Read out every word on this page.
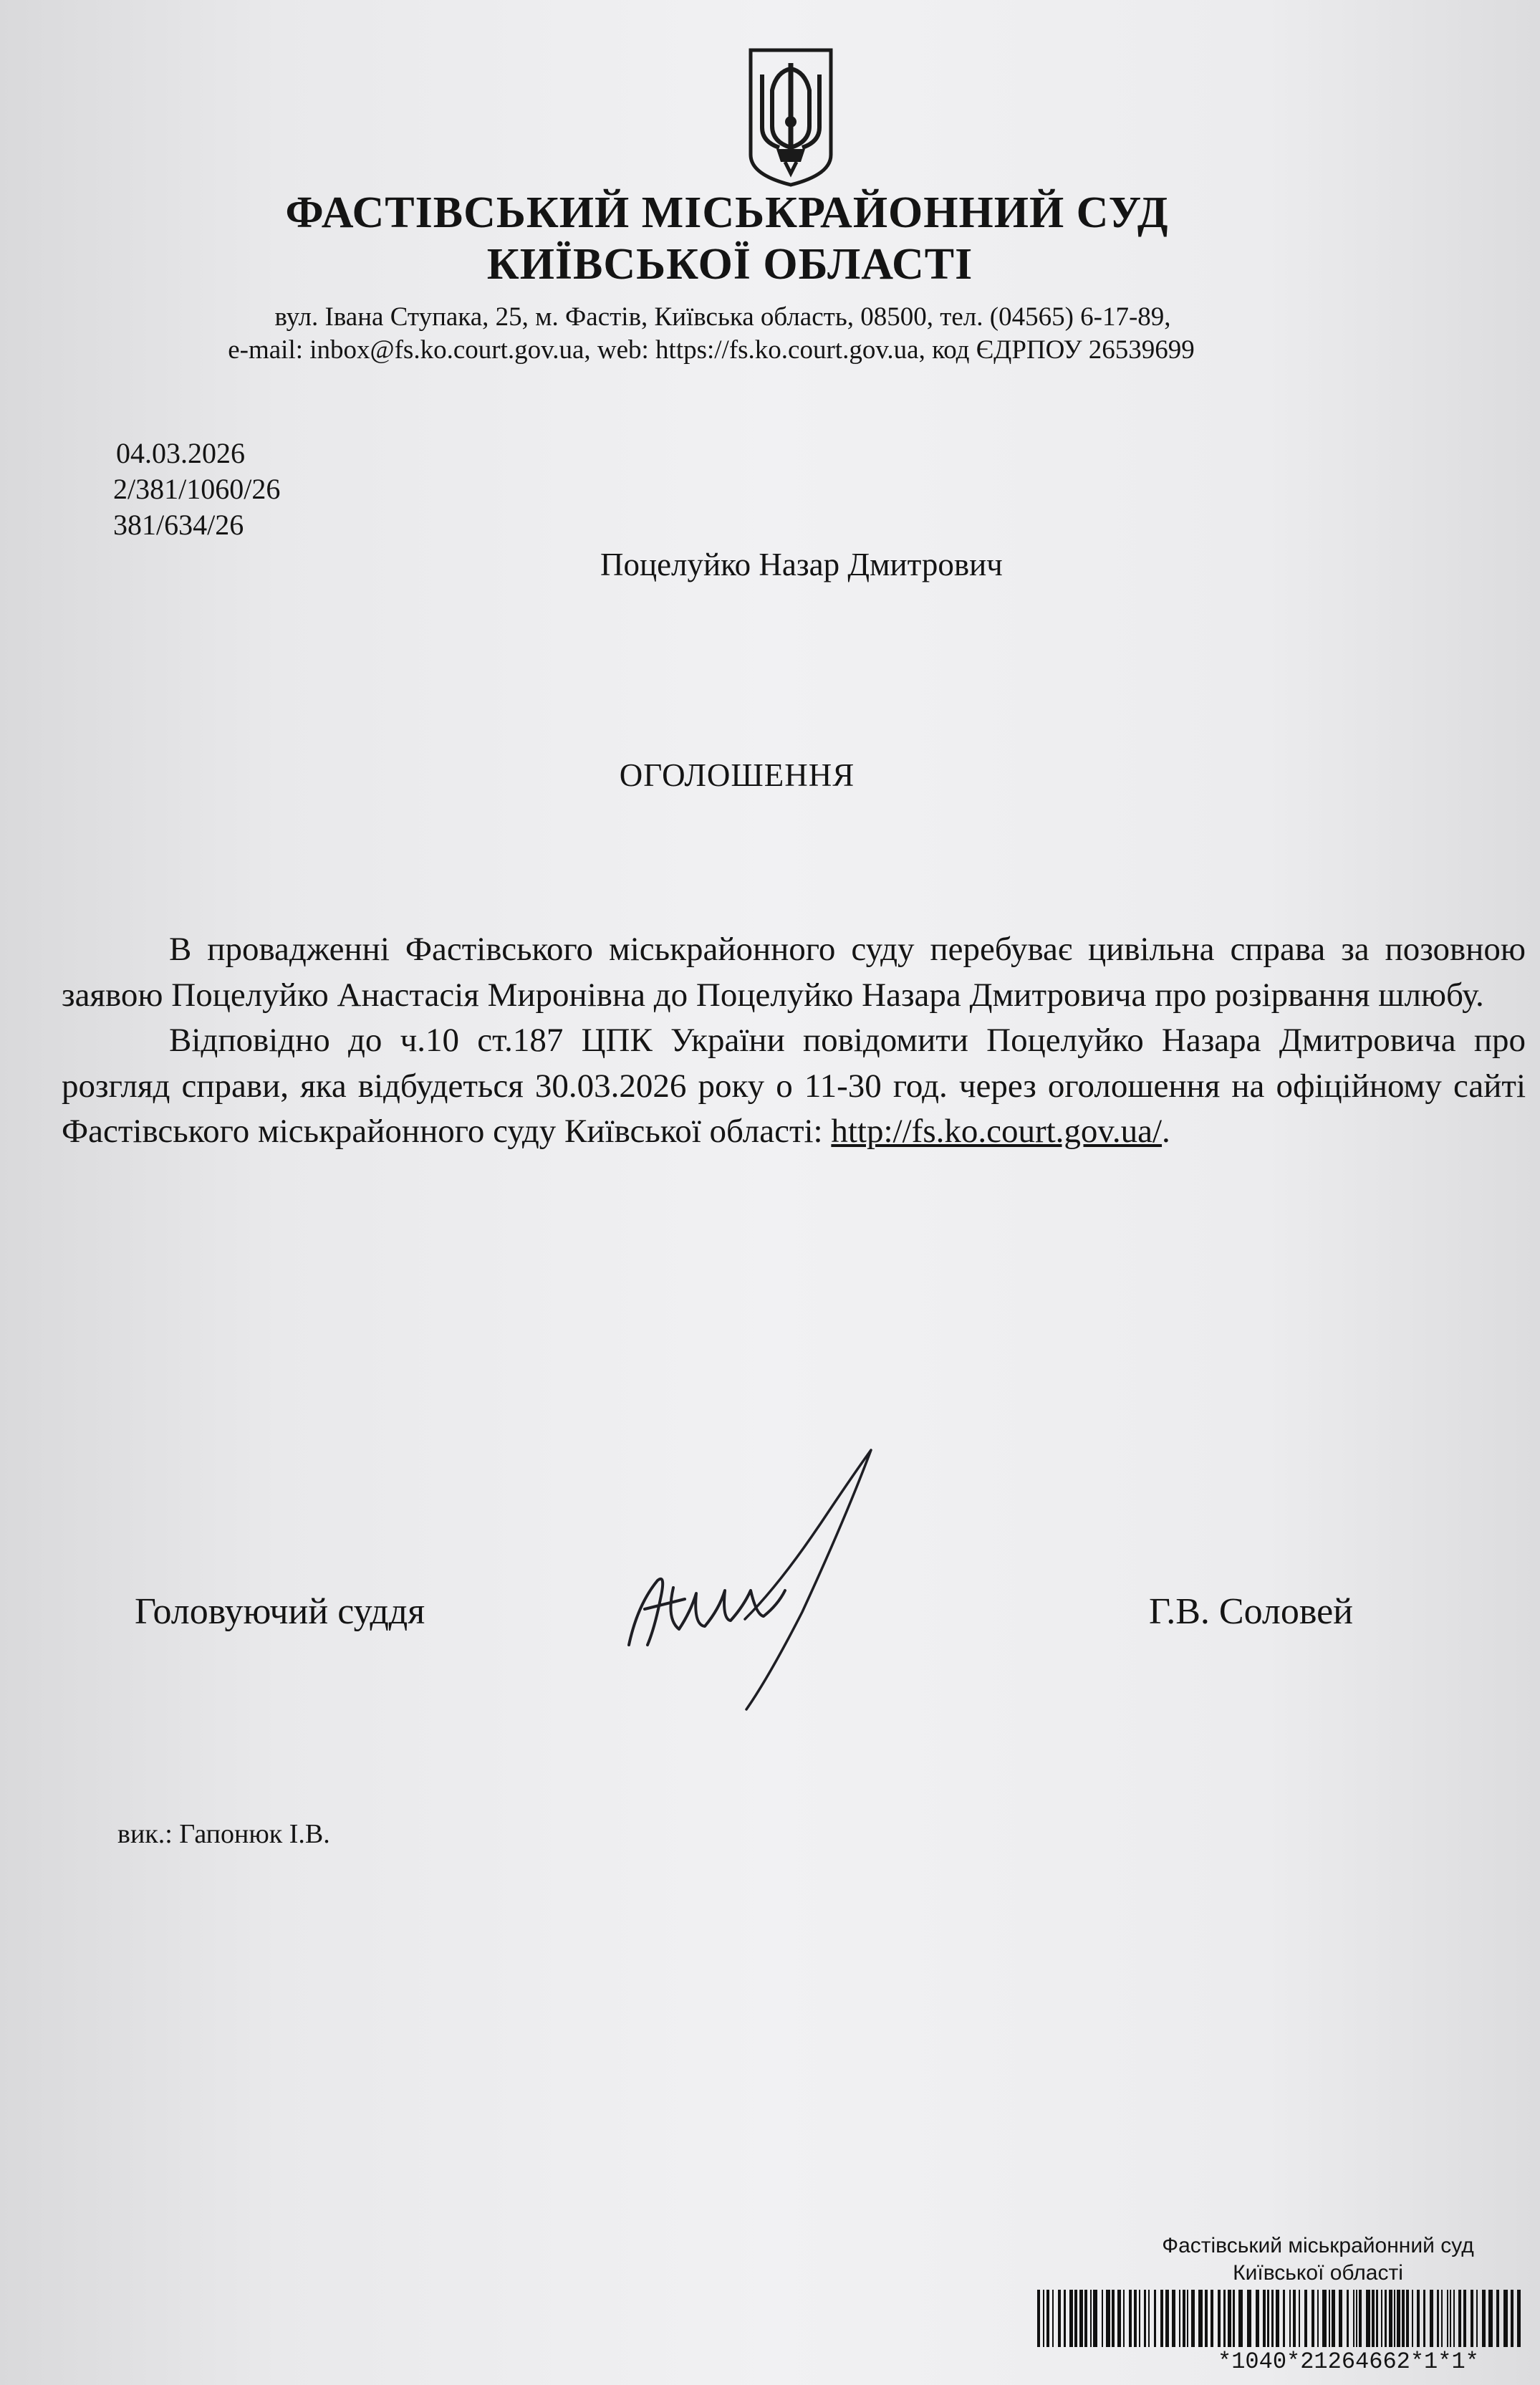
ФАСТІВСЬКИЙ МІСЬКРАЙОННИЙ СУД
КИЇВСЬКОЇ ОБЛАСТІ
вул. Івана Ступака, 25, м. Фастів, Київська область, 08500, тел. (04565) 6-17-89,
e-mail: inbox@fs.ko.court.gov.ua, web: https://fs.ko.court.gov.ua, код ЄДРПОУ 26539699
04.03.2026
2/381/1060/26
381/634/26
Поцелуйко Назар Дмитрович
ОГОЛОШЕННЯ

В провадженні Фастівського міськрайонного суду перебуває цивільна справа за позовною заявою Поцелуйко Анастасія Миронівна до Поцелуйко Назара Дмитровича про розірвання шлюбу.

Відповідно до ч.10 ст.187 ЦПК України повідомити Поцелуйко Назара Дмитровича про розгляд справи, яка відбудеться 30.03.2026 року о 11-30 год. через оголошення на офіційному сайті Фастівського міськрайонного суду Київської області: http://fs.ko.court.gov.ua/.

Головуючий суддя	Г.В. Соловей
вик.: Гапонюк І.В.
Фастівський міськрайонний суд
Київської області
*1040*21264662*1*1*
